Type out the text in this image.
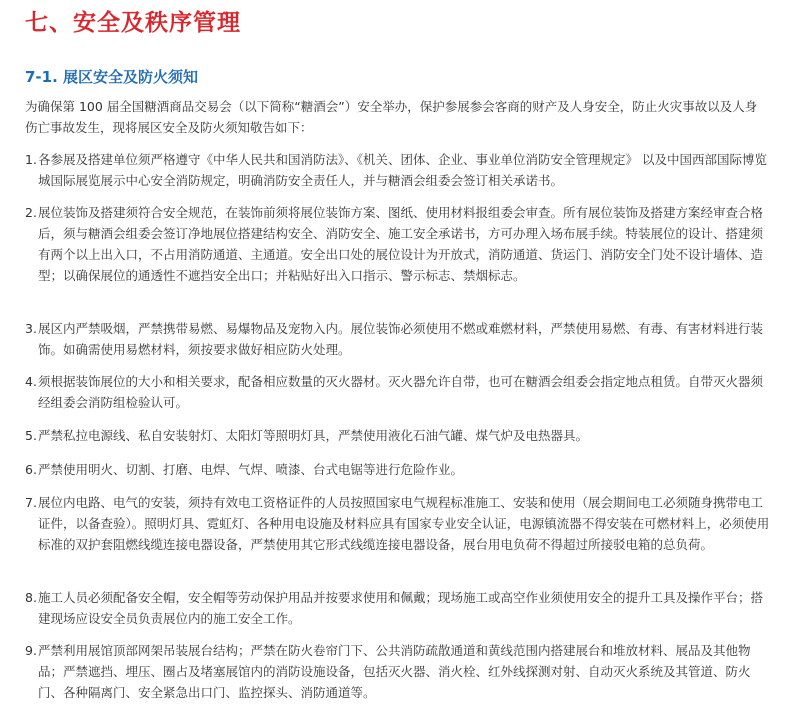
七、安全及秩序管理
7-1. 展区安全及防火须知
为确保第 100 届全国糖酒商品交易会（以下简称“糖酒会”）安全举办，保护参展参会客商的财产及人身安全，防止火灾事故以及人身伤亡事故发生，现将展区安全及防火须知敬告如下：
1. 各参展及搭建单位须严格遵守《中华人民共和国消防法》、《机关、团体、企业、事业单位消防安全管理规定》 以及中国西部国际博览城国际展览展示中心安全消防规定，明确消防安全责任人，并与糖酒会组委会签订相关承诺书。
2. 展位装饰及搭建须符合安全规范，在装饰前须将展位装饰方案、图纸、使用材料报组委会审查。所有展位装饰及搭建方案经审查合格后，须与糖酒会组委会签订净地展位搭建结构安全、消防安全、施工安全承诺书，方可办理入场布展手续。特装展位的设计、搭建须有两个以上出入口，不占用消防通道、主通道。安全出口处的展位设计为开放式，消防通道、货运门、消防安全门处不设计墙体、造型；以确保展位的通透性不遮挡安全出口；并粘贴好出入口指示、警示标志、禁烟标志。
3. 展区内严禁吸烟，严禁携带易燃、易爆物品及宠物入内。展位装饰必须使用不燃或难燃材料，严禁使用易燃、有毒、有害材料进行装饰。如确需使用易燃材料，须按要求做好相应防火处理。
4. 须根据装饰展位的大小和相关要求，配备相应数量的灭火器材。灭火器允许自带，也可在糖酒会组委会指定地点租赁。自带灭火器须经组委会消防组检验认可。
5. 严禁私拉电源线、私自安装射灯、太阳灯等照明灯具，严禁使用液化石油气罐、煤气炉及电热器具。
6. 严禁使用明火、切割、打磨、电焊、气焊、喷漆、台式电锯等进行危险作业。
7. 展位内电路、电气的安装，须持有效电工资格证件的人员按照国家电气规程标准施工、安装和使用（展会期间电工必须随身携带电工证件，以备查验）。照明灯具、霓虹灯、各种用电设施及材料应具有国家专业安全认证，电源镇流器不得安装在可燃材料上，必须使用标准的双护套阻燃线缆连接电器设备，严禁使用其它形式线缆连接电器设备，展台用电负荷不得超过所接驳电箱的总负荷。
8. 施工人员必须配备安全帽，安全帽等劳动保护用品并按要求使用和佩戴；现场施工或高空作业须使用安全的提升工具及操作平台；搭建现场应设安全员负责展位内的施工安全工作。
9. 严禁利用展馆顶部网架吊装展台结构；严禁在防火卷帘门下、公共消防疏散通道和黄线范围内搭建展台和堆放材料、展品及其他物品；严禁遮挡、埋压、圈占及堵塞展馆内的消防设施设备，包括灭火器、消火栓、红外线探测对射、自动灭火系统及其管道、防火门、各种隔离门、安全紧急出口门、监控探头、消防通道等。
